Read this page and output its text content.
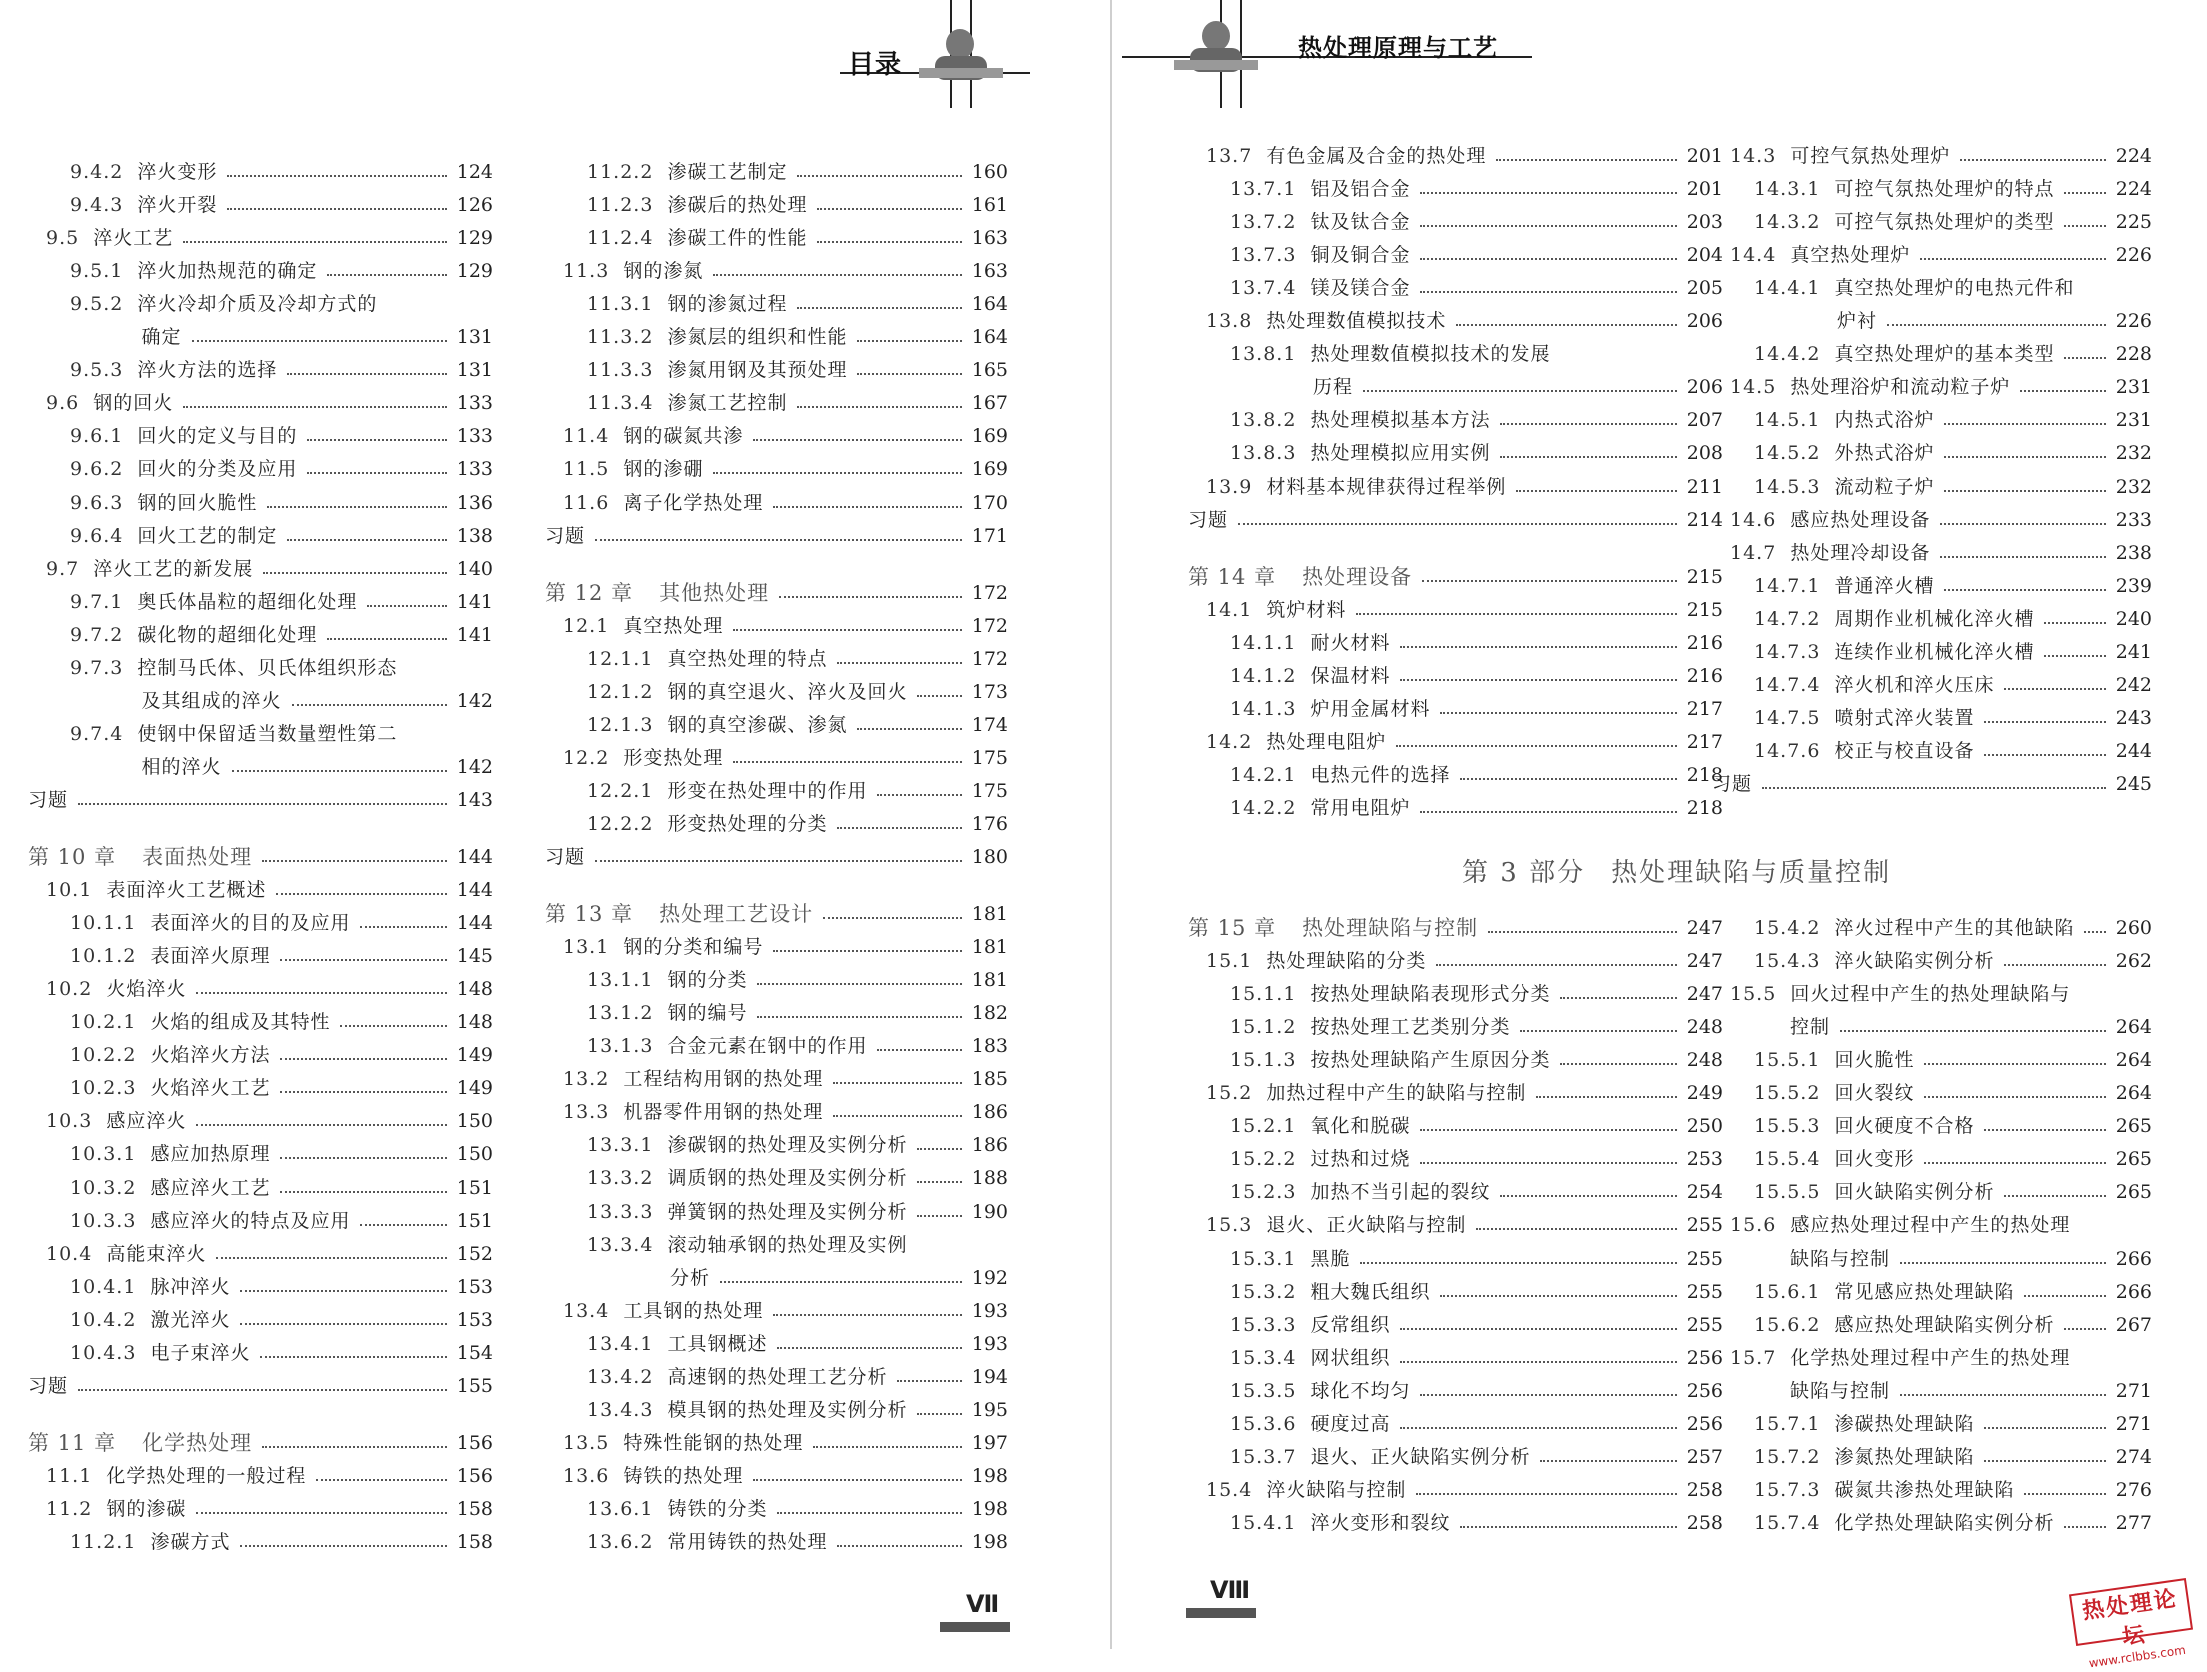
目录
9.4.2 淬火变形	124
9.4.3 淬火开裂	126
9.5 淬火工艺	129
9.5.1 淬火加热规范的确定	129
9.5.2 淬火冷却介质及冷却方式的
确定	131
9.5.3 淬火方法的选择	131
9.6 钢的回火	133
9.6.1 回火的定义与目的	133
9.6.2 回火的分类及应用	133
9.6.3 钢的回火脆性	136
9.6.4 回火工艺的制定	138
9.7 淬火工艺的新发展	140
9.7.1 奥氏体晶粒的超细化处理	141
9.7.2 碳化物的超细化处理	141
9.7.3 控制马氏体、贝氏体组织形态
及其组成的淬火	142
9.7.4 使钢中保留适当数量塑性第二
相的淬火	142
习题	143
第 10 章 表面热处理	144
10.1 表面淬火工艺概述	144
10.1.1 表面淬火的目的及应用	144
10.1.2 表面淬火原理	145
10.2 火焰淬火	148
10.2.1 火焰的组成及其特性	148
10.2.2 火焰淬火方法	149
10.2.3 火焰淬火工艺	149
10.3 感应淬火	150
10.3.1 感应加热原理	150
10.3.2 感应淬火工艺	151
10.3.3 感应淬火的特点及应用	151
10.4 高能束淬火	152
10.4.1 脉冲淬火	153
10.4.2 激光淬火	153
10.4.3 电子束淬火	154
习题	155
第 11 章 化学热处理	156
11.1 化学热处理的一般过程	156
11.2 钢的渗碳	158
11.2.1 渗碳方式	158
11.2.2 渗碳工艺制定	160
11.2.3 渗碳后的热处理	161
11.2.4 渗碳工件的性能	163
11.3 钢的渗氮	163
11.3.1 钢的渗氮过程	164
11.3.2 渗氮层的组织和性能	164
11.3.3 渗氮用钢及其预处理	165
11.3.4 渗氮工艺控制	167
11.4 钢的碳氮共渗	169
11.5 钢的渗硼	169
11.6 离子化学热处理	170
习题	171
第 12 章 其他热处理	172
12.1 真空热处理	172
12.1.1 真空热处理的特点	172
12.1.2 钢的真空退火、淬火及回火	173
12.1.3 钢的真空渗碳、渗氮	174
12.2 形变热处理	175
12.2.1 形变在热处理中的作用	175
12.2.2 形变热处理的分类	176
习题	180
第 13 章 热处理工艺设计	181
13.1 钢的分类和编号	181
13.1.1 钢的分类	181
13.1.2 钢的编号	182
13.1.3 合金元素在钢中的作用	183
13.2 工程结构用钢的热处理	185
13.3 机器零件用钢的热处理	186
13.3.1 渗碳钢的热处理及实例分析	186
13.3.2 调质钢的热处理及实例分析	188
13.3.3 弹簧钢的热处理及实例分析	190
13.3.4 滚动轴承钢的热处理及实例
分析	192
13.4 工具钢的热处理	193
13.4.1 工具钢概述	193
13.4.2 高速钢的热处理工艺分析	194
13.4.3 模具钢的热处理及实例分析	195
13.5 特殊性能钢的热处理	197
13.6 铸铁的热处理	198
13.6.1 铸铁的分类	198
13.6.2 常用铸铁的热处理	198
Ⅶ
热处理原理与工艺
13.7 有色金属及合金的热处理	201
13.7.1 铝及铝合金	201
13.7.2 钛及钛合金	203
13.7.3 铜及铜合金	204
13.7.4 镁及镁合金	205
13.8 热处理数值模拟技术	206
13.8.1 热处理数值模拟技术的发展
历程	206
13.8.2 热处理模拟基本方法	207
13.8.3 热处理模拟应用实例	208
13.9 材料基本规律获得过程举例	211
习题	214
第 14 章 热处理设备	215
14.1 筑炉材料	215
14.1.1 耐火材料	216
14.1.2 保温材料	216
14.1.3 炉用金属材料	217
14.2 热处理电阻炉	217
14.2.1 电热元件的选择	218
14.2.2 常用电阻炉	218
14.3 可控气氛热处理炉	224
14.3.1 可控气氛热处理炉的特点	224
14.3.2 可控气氛热处理炉的类型	225
14.4 真空热处理炉	226
14.4.1 真空热处理炉的电热元件和
炉衬	226
14.4.2 真空热处理炉的基本类型	228
14.5 热处理浴炉和流动粒子炉	231
14.5.1 内热式浴炉	231
14.5.2 外热式浴炉	232
14.5.3 流动粒子炉	232
14.6 感应热处理设备	233
14.7 热处理冷却设备	238
14.7.1 普通淬火槽	239
14.7.2 周期作业机械化淬火槽	240
14.7.3 连续作业机械化淬火槽	241
14.7.4 淬火机和淬火压床	242
14.7.5 喷射式淬火装置	243
14.7.6 校正与校直设备	244
习题	245
第 3 部分 热处理缺陷与质量控制
第 15 章 热处理缺陷与控制	247
15.1 热处理缺陷的分类	247
15.1.1 按热处理缺陷表现形式分类	247
15.1.2 按热处理工艺类别分类	248
15.1.3 按热处理缺陷产生原因分类	248
15.2 加热过程中产生的缺陷与控制	249
15.2.1 氧化和脱碳	250
15.2.2 过热和过烧	253
15.2.3 加热不当引起的裂纹	254
15.3 退火、正火缺陷与控制	255
15.3.1 黑脆	255
15.3.2 粗大魏氏组织	255
15.3.3 反常组织	255
15.3.4 网状组织	256
15.3.5 球化不均匀	256
15.3.6 硬度过高	256
15.3.7 退火、正火缺陷实例分析	257
15.4 淬火缺陷与控制	258
15.4.1 淬火变形和裂纹	258
15.4.2 淬火过程中产生的其他缺陷 260
15.4.3 淬火缺陷实例分析	262
15.5 回火过程中产生的热处理缺陷与
控制	264
15.5.1 回火脆性	264
15.5.2 回火裂纹	264
15.5.3 回火硬度不合格	265
15.5.4 回火变形	265
15.5.5 回火缺陷实例分析	265
15.6 感应热处理过程中产生的热处理
缺陷与控制	266
15.6.1 常见感应热处理缺陷	266
15.6.2 感应热处理缺陷实例分析	267
15.7 化学热处理过程中产生的热处理
缺陷与控制	271
15.7.1 渗碳热处理缺陷	271
15.7.2 渗氮热处理缺陷	274
15.7.3 碳氮共渗热处理缺陷	276
15.7.4 化学热处理缺陷实例分析	277
Ⅷ	热处理论坛
www.rclbbs.com
